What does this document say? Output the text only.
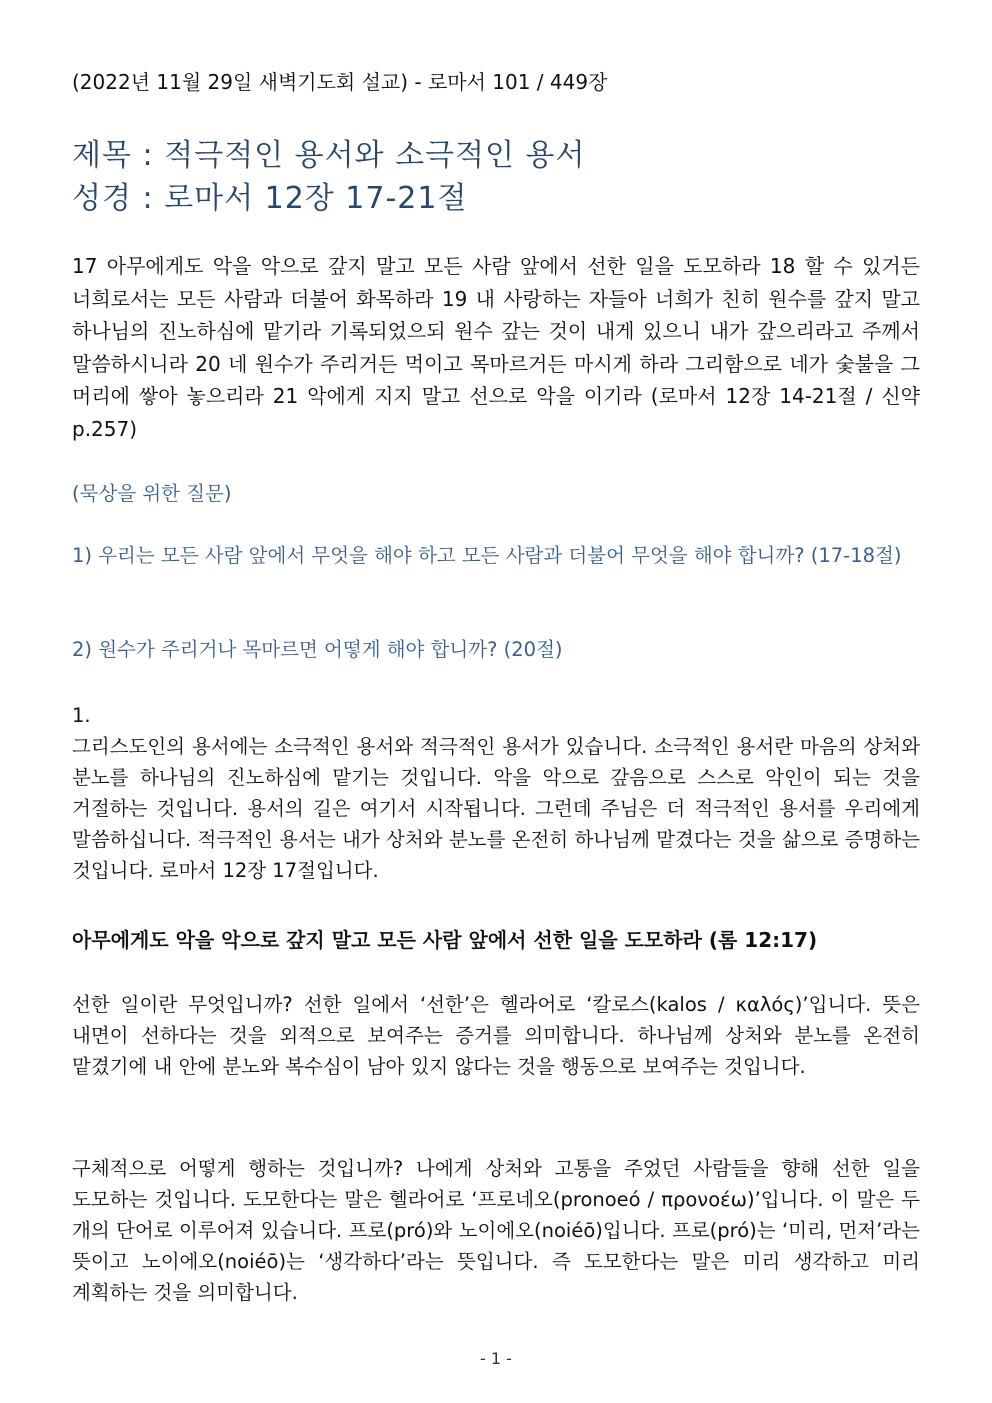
(2022년 11월 29일 새벽기도회 설교) - 로마서 101 / 449장
제목 : 적극적인 용서와 소극적인 용서
성경 : 로마서 12장 17-21절

17 아무에게도 악을 악으로 갚지 말고 모든 사람 앞에서 선한 일을 도모하라 18 할 수 있거든 너희로서는 모든 사람과 더불어 화목하라 19 내 사랑하는 자들아 너희가 친히 원수를 갚지 말고 하나님의 진노하심에 맡기라 기록되었으되 원수 갚는 것이 내게 있으니 내가 갚으리라고 주께서 말씀하시니라 20 네 원수가 주리거든 먹이고 목마르거든 마시게 하라 그리함으로 네가 숯불을 그 머리에 쌓아 놓으리라 21 악에게 지지 말고 선으로 악을 이기라 (로마서 12장 14-21절 / 신약 p.257)

(묵상을 위한 질문)

1) 우리는 모든 사람 앞에서 무엇을 해야 하고 모든 사람과 더불어 무엇을 해야 합니까? (17-18절)

2) 원수가 주리거나 목마르면 어떻게 해야 합니까? (20절)

1.

그리스도인의 용서에는 소극적인 용서와 적극적인 용서가 있습니다. 소극적인 용서란 마음의 상처와 분노를 하나님의 진노하심에 맡기는 것입니다. 악을 악으로 갚음으로 스스로 악인이 되는 것을 거절하는 것입니다. 용서의 길은 여기서 시작됩니다. 그런데 주님은 더 적극적인 용서를 우리에게 말씀하십니다. 적극적인 용서는 내가 상처와 분노를 온전히 하나님께 맡겼다는 것을 삶으로 증명하는 것입니다. 로마서 12장 17절입니다.

아무에게도 악을 악으로 갚지 말고 모든 사람 앞에서 선한 일을 도모하라 (롬 12:17)

선한 일이란 무엇입니까? 선한 일에서 ‘선한’은 헬라어로 ‘칼로스(kalos / καλός)’입니다. 뜻은 내면이 선하다는 것을 외적으로 보여주는 증거를 의미합니다. 하나님께 상처와 분노를 온전히 맡겼기에 내 안에 분노와 복수심이 남아 있지 않다는 것을 행동으로 보여주는 것입니다.

구체적으로 어떻게 행하는 것입니까? 나에게 상처와 고통을 주었던 사람들을 향해 선한 일을 도모하는 것입니다. 도모한다는 말은 헬라어로 ‘프로네오(pronoeó / προνοέω)’입니다. 이 말은 두 개의 단어로 이루어져 있습니다. 프로(pró)와 노이에오(noiéō)입니다. 프로(pró)는 ‘미리, 먼저’라는 뜻이고 노이에오(noiéō)는 ‘생각하다’라는 뜻입니다. 즉 도모한다는 말은 미리 생각하고 미리 계획하는 것을 의미합니다.

- 1 -
